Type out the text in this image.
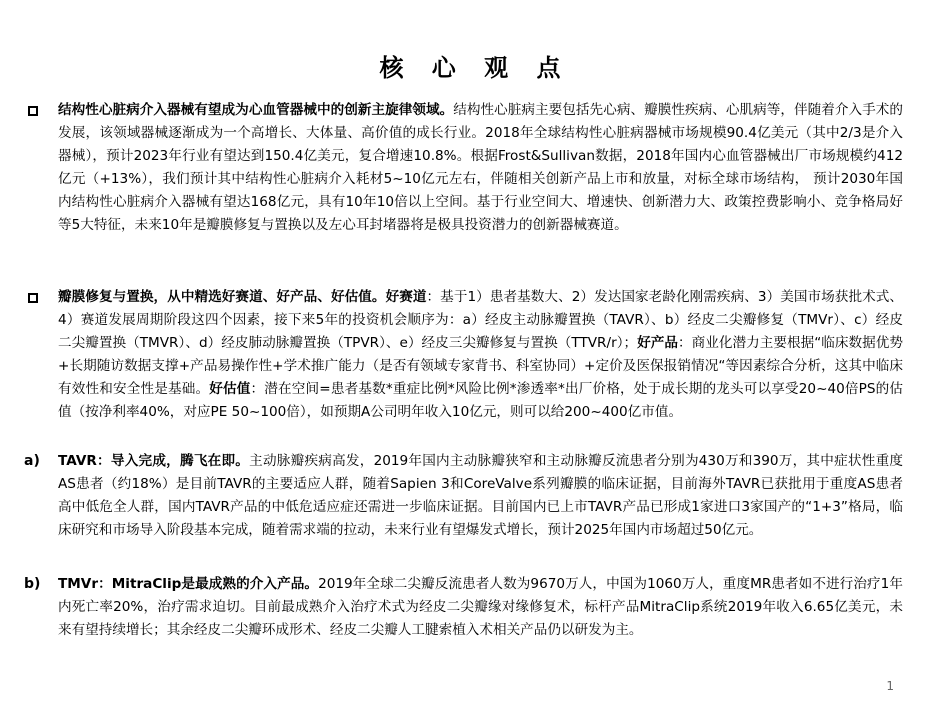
核 心 观 点
结构性心脏病介入器械有望成为心血管器械中的创新主旋律领域。结构性心脏病主要包括先心病、瓣膜性疾病、心肌病等，伴随着介入手术的发展，该领域器械逐渐成为一个高增长、大体量、高价值的成长行业。2018年全球结构性心脏病器械市场规模90.4亿美元（其中2/3是介入器械），预计2023年行业有望达到150.4亿美元，复合增速10.8%。根据Frost&Sullivan数据，2018年国内心血管器械出厂市场规模约412亿元（+13%），我们预计其中结构性心脏病介入耗材5~10亿元左右，伴随相关创新产品上市和放量，对标全球市场结构， 预计2030年国内结构性心脏病介入器械有望达168亿元，具有10年10倍以上空间。基于行业空间大、增速快、创新潜力大、政策控费影响小、竞争格局好等5大特征，未来10年是瓣膜修复与置换以及左心耳封堵器将是极具投资潜力的创新器械赛道。
瓣膜修复与置换，从中精选好赛道、好产品、好估值。好赛道：基于1）患者基数大、2）发达国家老龄化刚需疾病、3）美国市场获批术式、4）赛道发展周期阶段这四个因素，接下来5年的投资机会顺序为：a）经皮主动脉瓣置换（TAVR）、b）经皮二尖瓣修复（TMVr）、c）经皮二尖瓣置换（TMVR）、d）经皮肺动脉瓣置换（TPVR）、e）经皮三尖瓣修复与置换（TTVR/r）；好产品：商业化潜力主要根据“临床数据优势+长期随访数据支撑+产品易操作性+学术推广能力（是否有领域专家背书、科室协同）+定价及医保报销情况“等因素综合分析，这其中临床有效性和安全性是基础。好估值：潜在空间=患者基数*重症比例*风险比例*渗透率*出厂价格，处于成长期的龙头可以享受20~40倍PS的估值（按净利率40%，对应PE 50~100倍），如预期A公司明年收入10亿元，则可以给200~400亿市值。
a) TAVR：导入完成，腾飞在即。主动脉瓣疾病高发，2019年国内主动脉瓣狭窄和主动脉瓣反流患者分别为430万和390万，其中症状性重度AS患者（约18%）是目前TAVR的主要适应人群，随着Sapien 3和CoreValve系列瓣膜的临床证据，目前海外TAVR已获批用于重度AS患者高中低危全人群，国内TAVR产品的中低危适应症还需进一步临床证据。目前国内已上市TAVR产品已形成1家进口3家国产的“1+3”格局，临床研究和市场导入阶段基本完成，随着需求端的拉动，未来行业有望爆发式增长，预计2025年国内市场超过50亿元。
b) TMVr：MitraClip是最成熟的介入产品。2019年全球二尖瓣反流患者人数为9670万人，中国为1060万人，重度MR患者如不进行治疗1年内死亡率20%，治疗需求迫切。目前最成熟介入治疗术式为经皮二尖瓣缘对缘修复术，标杆产品MitraClip系统2019年收入6.65亿美元，未来有望持续增长；其余经皮二尖瓣环成形术、经皮二尖瓣人工腱索植入术相关产品仍以研发为主。
1
